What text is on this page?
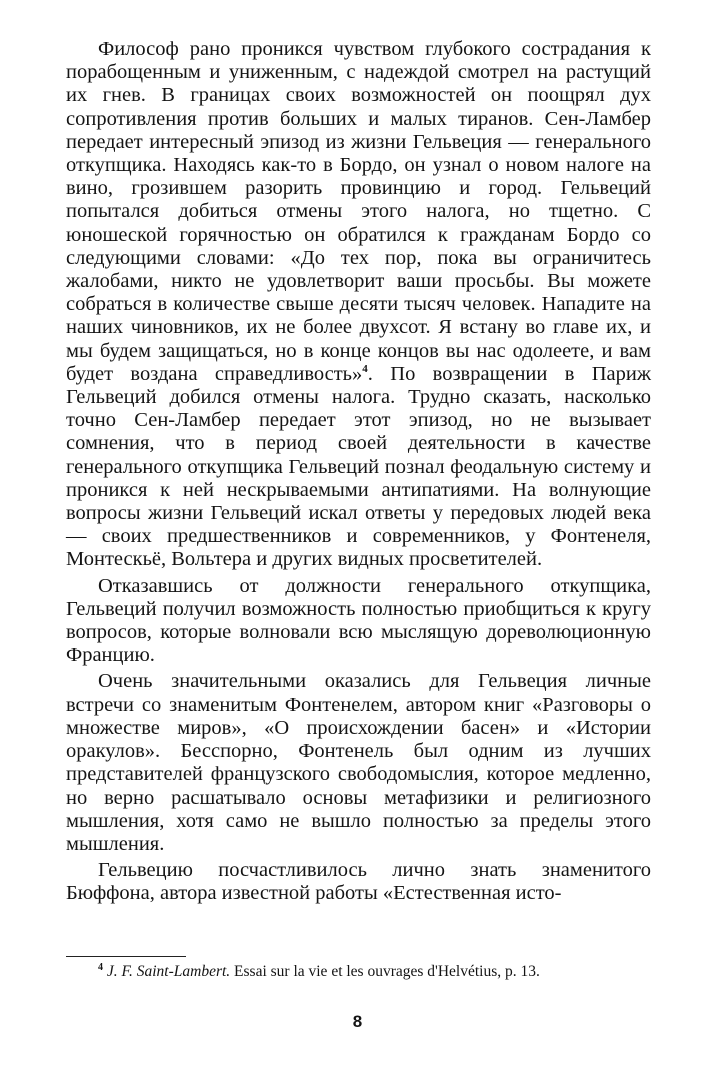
Философ рано проникся чувством глубокого сострадания к порабощенным и униженным, с надеждой смотрел на растущий их гнев. В границах своих возможностей он поощрял дух сопротивления против больших и малых тиранов. Сен-Ламбер передает интересный эпизод из жизни Гельвеция — генерального откупщика. Находясь как-то в Бордо, он узнал о новом налоге на вино, грозившем разорить провинцию и город. Гельвеций попытался добиться отмены этого налога, но тщетно. С юношеской горячностью он обратился к гражданам Бордо со следующими словами: «До тех пор, пока вы ограничитесь жалобами, никто не удовлетворит ваши просьбы. Вы можете собраться в количестве свыше десяти тысяч человек. Нападите на наших чиновников, их не более двухсот. Я встану во главе их, и мы будем защищаться, но в конце концов вы нас одолеете, и вам будет воздана справедливость»$^4$. По возвращении в Париж Гельвеций добился отмены налога. Трудно сказать, насколько точно Сен-Ламбер передает этот эпизод, но не вызывает сомнения, что в период своей деятельности в качестве генерального откупщика Гельвеций познал феодальную систему и проникся к ней нескрываемыми антипатиями. На волнующие вопросы жизни Гельвеций искал ответы у передовых людей века — своих предшественников и современников, у Фонтенеля, Монтескьё, Вольтера и других видных просветителей.

Отказавшись от должности генерального откупщика, Гельвеций получил возможность полностью приобщиться к кругу вопросов, которые волновали всю мыслящую дореволюционную Францию.

Очень значительными оказались для Гельвеция личные встречи со знаменитым Фонтенелем, автором книг «Разговоры о множестве миров», «О происхождении басен» и «Истории оракулов». Бесспорно, Фонтенель был одним из лучших представителей французского свободомыслия, которое медленно, но верно расшатывало основы метафизики и религиозного мышления, хотя само не вышло полностью за пределы этого мышления.

Гельвецию посчастливилось лично знать знаменитого Бюффона, автора известной работы «Естественная исто-

$^4$ J. F. Saint-Lambert. Essai sur la vie et les ouvrages d'Helvétius, p. 13.
8
